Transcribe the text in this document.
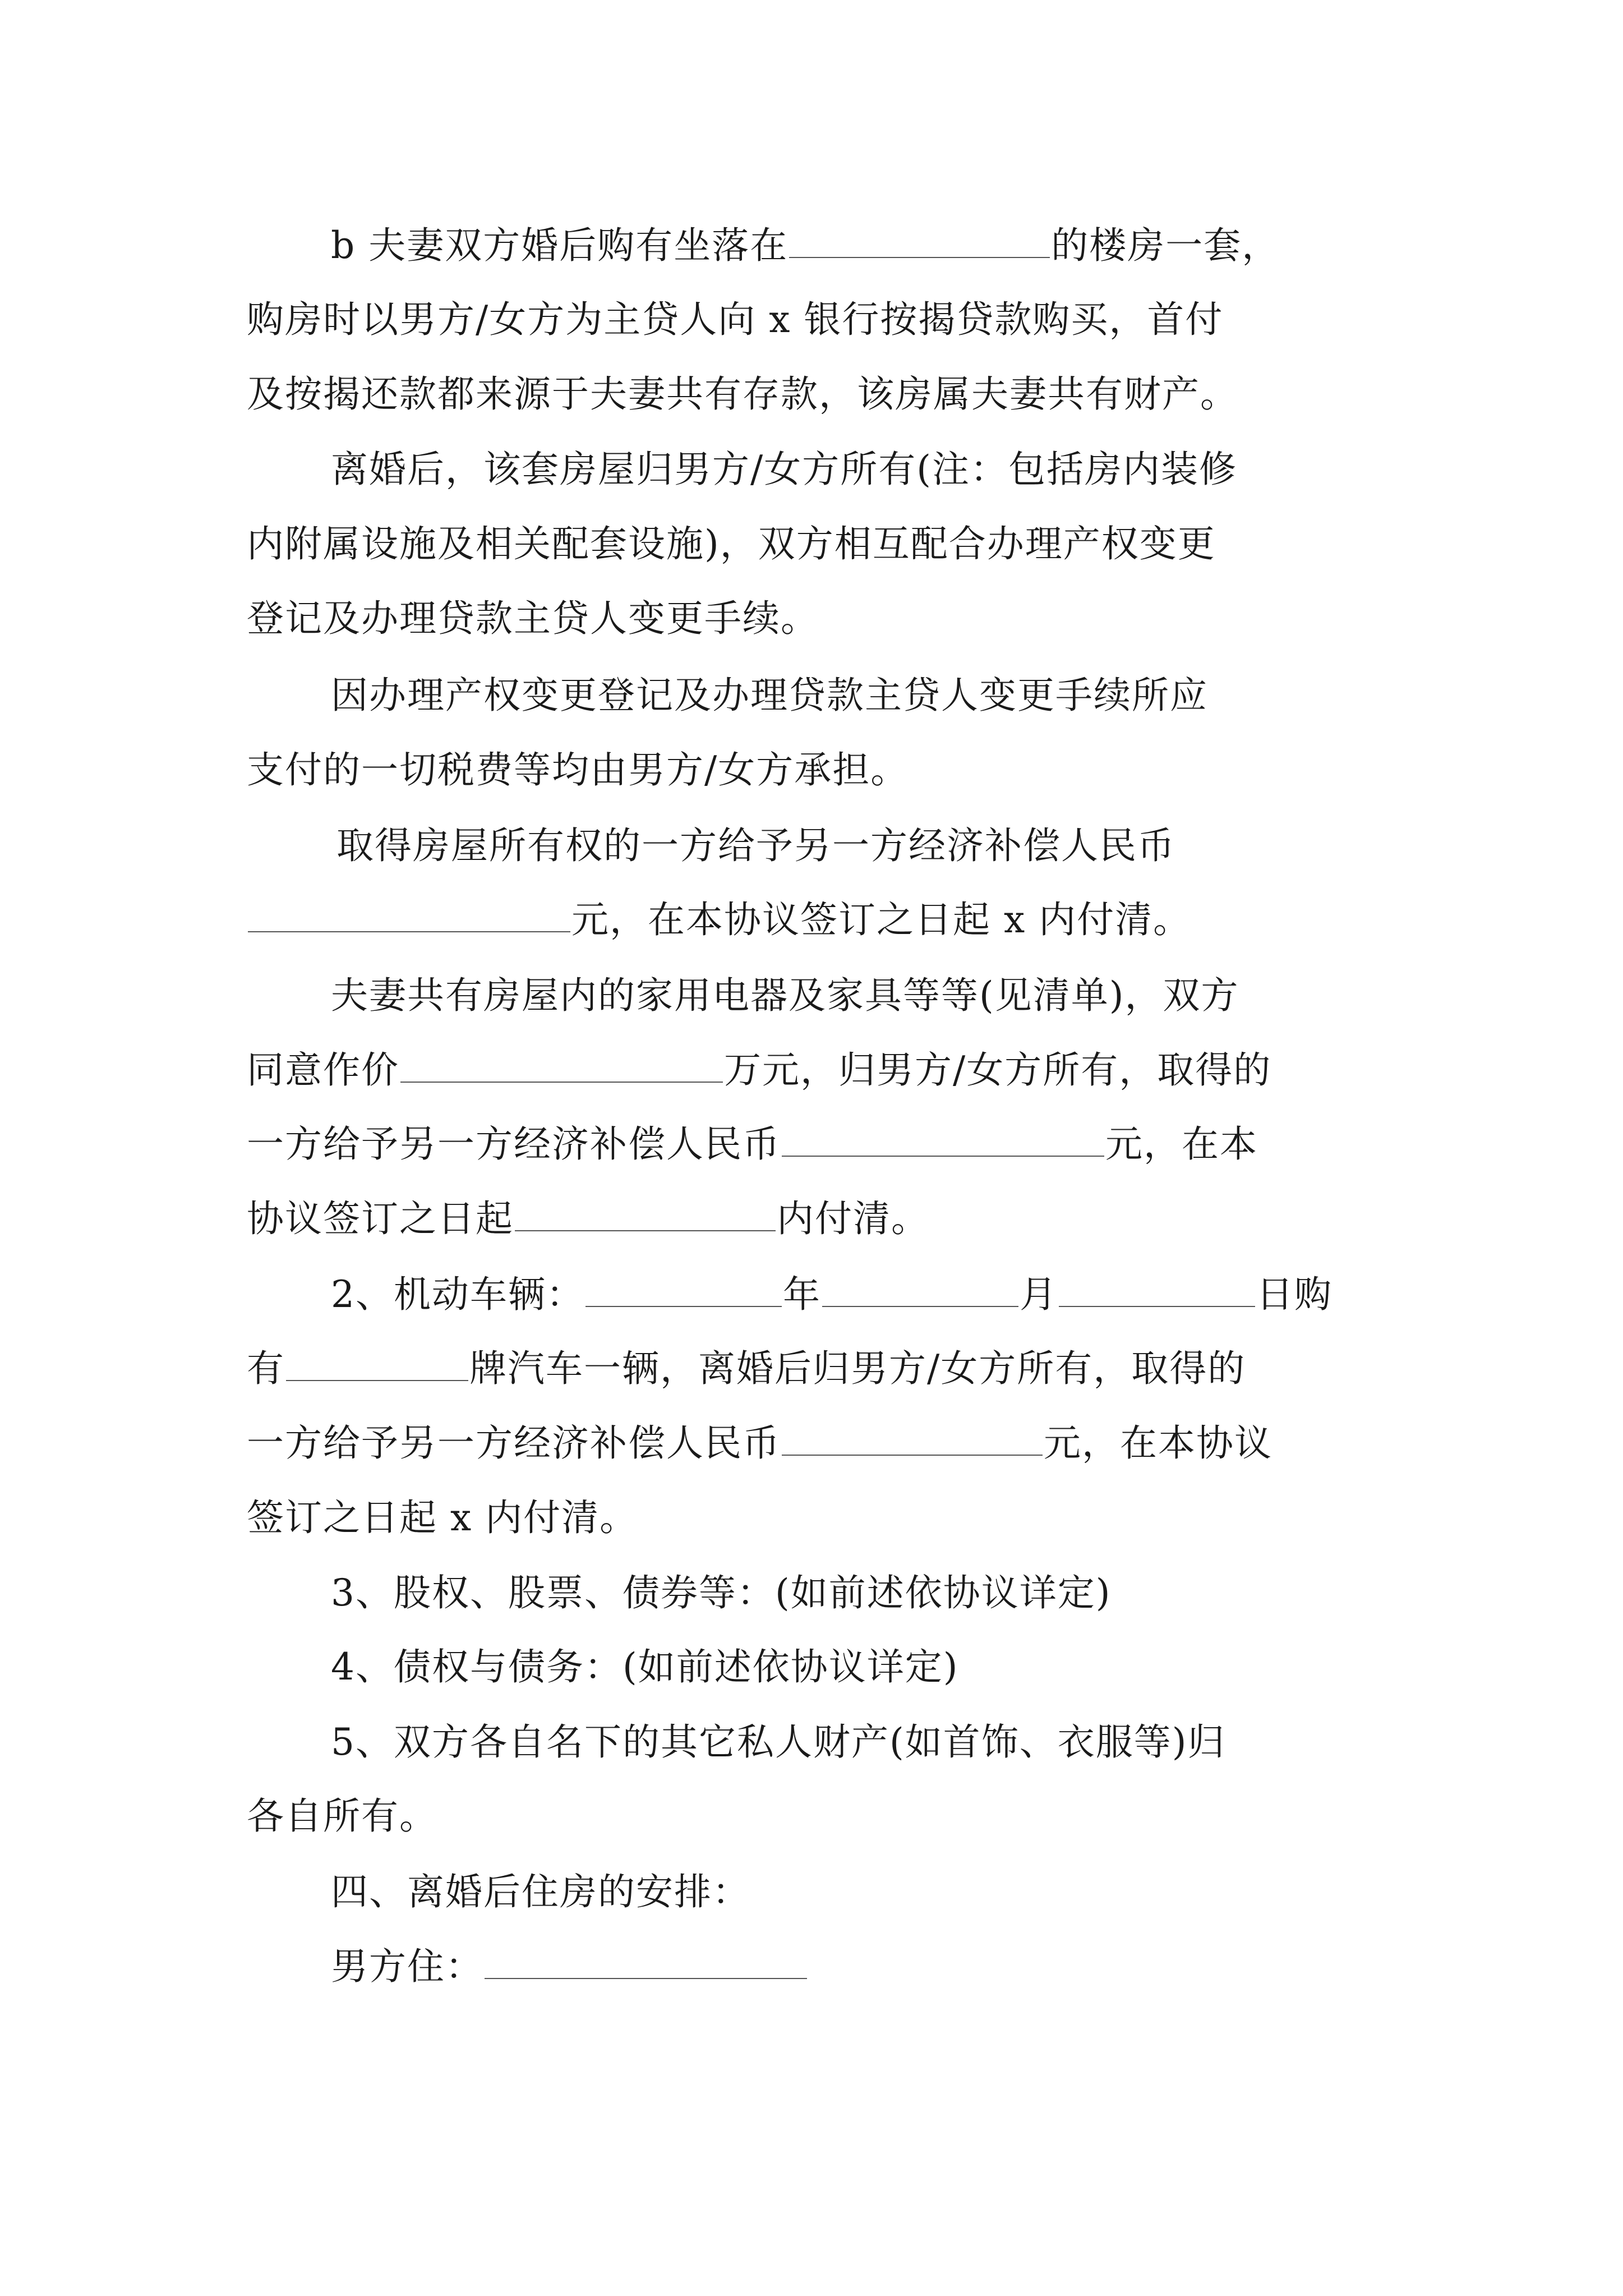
b 夫妻双方婚后购有坐落在	的楼房一套，
购房时以男方/女方为主贷人向 x 银行按揭贷款购买，首付
及按揭还款都来源于夫妻共有存款，该房属夫妻共有财产。
离婚后，该套房屋归男方/女方所有(注：包括房内装修
内附属设施及相关配套设施)，双方相互配合办理产权变更
登记及办理贷款主贷人变更手续。
因办理产权变更登记及办理贷款主贷人变更手续所应
支付的一切税费等均由男方/女方承担。
取得房屋所有权的一方给予另一方经济补偿人民币
元，在本协议签订之日起 x 内付清。
夫妻共有房屋内的家用电器及家具等等(见清单)，双方
同意作价	万元，归男方/女方所有，取得的
一方给予另一方经济补偿人民币	元，在本
协议签订之日起	内付清。
2、机动车辆：	年	月	日购
有	牌汽车一辆，离婚后归男方/女方所有，取得的
一方给予另一方经济补偿人民币	元，在本协议
签订之日起 x 内付清。
3、股权、股票、债券等：(如前述依协议详定)
4、债权与债务：(如前述依协议详定)
5、双方各自名下的其它私人财产(如首饰、衣服等)归
各自所有。
四、离婚后住房的安排：
男方住：
